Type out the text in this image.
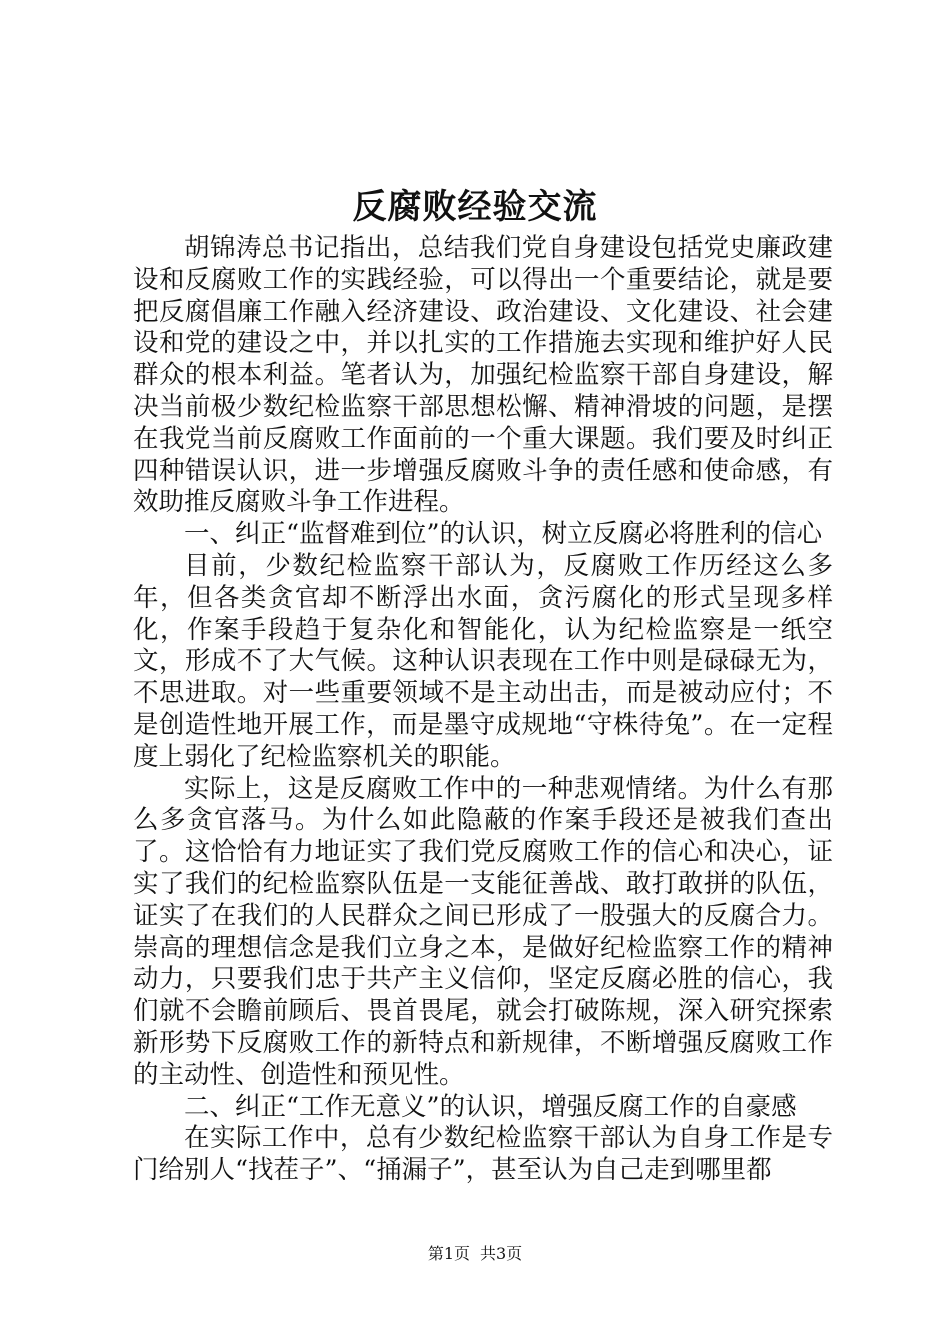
反腐败经验交流

胡锦涛总书记指出，总结我们党自身建设包括党史廉政建设和反腐败工作的实践经验，可以得出一个重要结论，就是要把反腐倡廉工作融入经济建设、政治建设、文化建设、社会建设和党的建设之中，并以扎实的工作措施去实现和维护好人民群众的根本利益。笔者认为，加强纪检监察干部自身建设，解决当前极少数纪检监察干部思想松懈、精神滑坡的问题，是摆在我党当前反腐败工作面前的一个重大课题。我们要及时纠正四种错误认识，进一步增强反腐败斗争的责任感和使命感，有效助推反腐败斗争工作进程。

一、纠正“监督难到位”的认识，树立反腐必将胜利的信心

目前，少数纪检监察干部认为，反腐败工作历经这么多年，但各类贪官却不断浮出水面，贪污腐化的形式呈现多样化，作案手段趋于复杂化和智能化，认为纪检监察是一纸空文，形成不了大气候。这种认识表现在工作中则是碌碌无为，不思进取。对一些重要领域不是主动出击，而是被动应付；不是创造性地开展工作，而是墨守成规地“守株待兔”。在一定程度上弱化了纪检监察机关的职能。

实际上，这是反腐败工作中的一种悲观情绪。为什么有那么多贪官落马。为什么如此隐蔽的作案手段还是被我们查出了。这恰恰有力地证实了我们党反腐败工作的信心和决心，证实了我们的纪检监察队伍是一支能征善战、敢打敢拼的队伍，证实了在我们的人民群众之间已形成了一股强大的反腐合力。崇高的理想信念是我们立身之本，是做好纪检监察工作的精神动力，只要我们忠于共产主义信仰，坚定反腐必胜的信心，我们就不会瞻前顾后、畏首畏尾，就会打破陈规，深入研究探索新形势下反腐败工作的新特点和新规律，不断增强反腐败工作的主动性、创造性和预见性。

二、纠正“工作无意义”的认识，增强反腐工作的自豪感

在实际工作中，总有少数纪检监察干部认为自身工作是专门给别人“找茬子”、“捅漏子”，甚至认为自己走到哪里都

第1页 共3页
